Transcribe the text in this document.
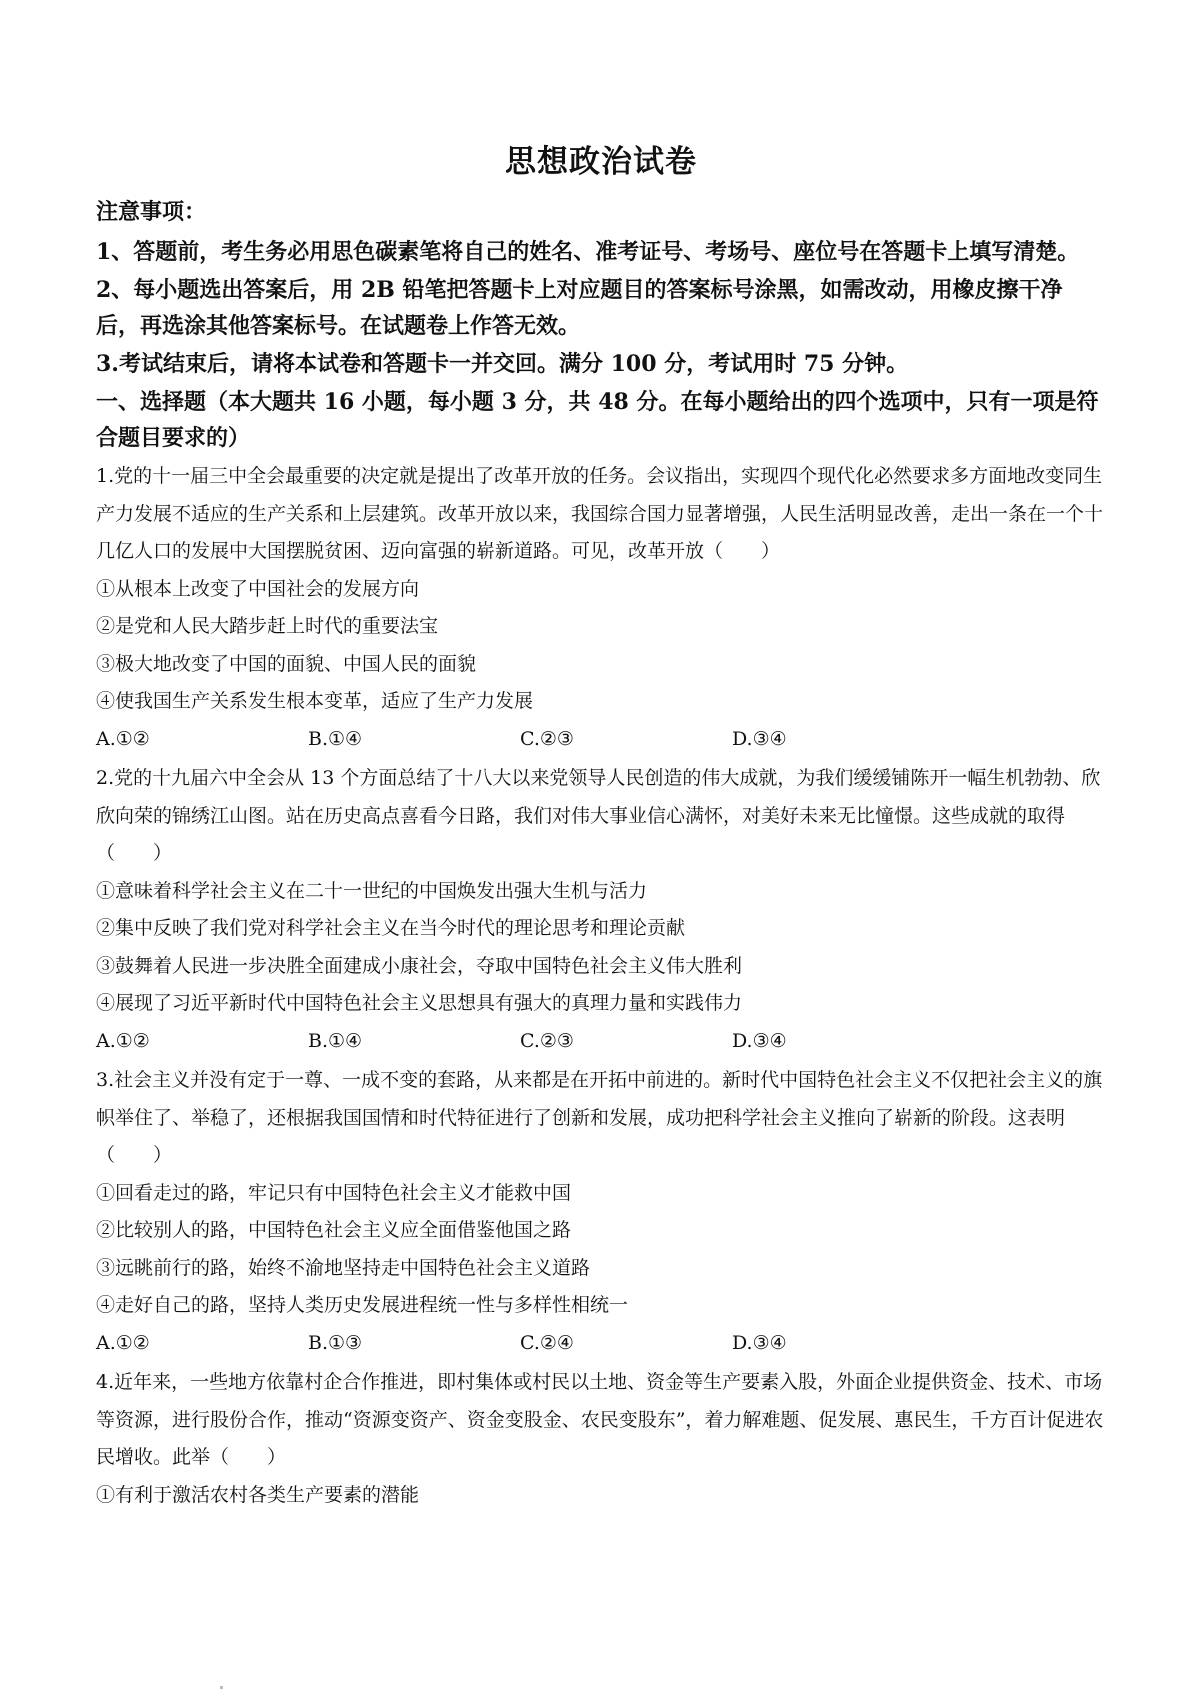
思想政治试卷

注意事项：

1、答题前，考生务必用思色碳素笔将自己的姓名、准考证号、考场号、座位号在答题卡上填写清楚。

2、每小题选出答案后，用 2B 铅笔把答题卡上对应题目的答案标号涂黑，如需改动，用橡皮擦干净后，再选涂其他答案标号。在试题卷上作答无效。

3.考试结束后，请将本试卷和答题卡一并交回。满分 100 分，考试用时 75 分钟。

一、选择题（本大题共 16 小题，每小题 3 分，共 48 分。在每小题给出的四个选项中，只有一项是符合题目要求的）

1.党的十一届三中全会最重要的决定就是提出了改革开放的任务。会议指出，实现四个现代化必然要求多方面地改变同生产力发展不适应的生产关系和上层建筑。改革开放以来，我国综合国力显著增强，人民生活明显改善，走出一条在一个十几亿人口的发展中大国摆脱贫困、迈向富强的崭新道路。可见，改革开放（　　）

①从根本上改变了中国社会的发展方向

②是党和人民大踏步赶上时代的重要法宝

③极大地改变了中国的面貌、中国人民的面貌

④使我国生产关系发生根本变革，适应了生产力发展

A.①②	B.①④	C.②③	D.③④

2.党的十九届六中全会从 13 个方面总结了十八大以来党领导人民创造的伟大成就，为我们缓缓铺陈开一幅生机勃勃、欣欣向荣的锦绣江山图。站在历史高点喜看今日路，我们对伟大事业信心满怀，对美好未来无比憧憬。这些成就的取得（　　）

①意味着科学社会主义在二十一世纪的中国焕发出强大生机与活力

②集中反映了我们党对科学社会主义在当今时代的理论思考和理论贡献

③鼓舞着人民进一步决胜全面建成小康社会，夺取中国特色社会主义伟大胜利

④展现了习近平新时代中国特色社会主义思想具有强大的真理力量和实践伟力

A.①②	B.①④	C.②③	D.③④

3.社会主义并没有定于一尊、一成不变的套路，从来都是在开拓中前进的。新时代中国特色社会主义不仅把社会主义的旗帜举住了、举稳了，还根据我国国情和时代特征进行了创新和发展，成功把科学社会主义推向了崭新的阶段。这表明（　　）

①回看走过的路，牢记只有中国特色社会主义才能救中国

②比较别人的路，中国特色社会主义应全面借鉴他国之路

③远眺前行的路，始终不渝地坚持走中国特色社会主义道路

④走好自己的路，坚持人类历史发展进程统一性与多样性相统一

A.①②	B.①③	C.②④	D.③④

4.近年来，一些地方依靠村企合作推进，即村集体或村民以土地、资金等生产要素入股，外面企业提供资金、技术、市场等资源，进行股份合作，推动“资源变资产、资金变股金、农民变股东”，着力解难题、促发展、惠民生，千方百计促进农民增收。此举（　　）

①有利于激活农村各类生产要素的潜能
